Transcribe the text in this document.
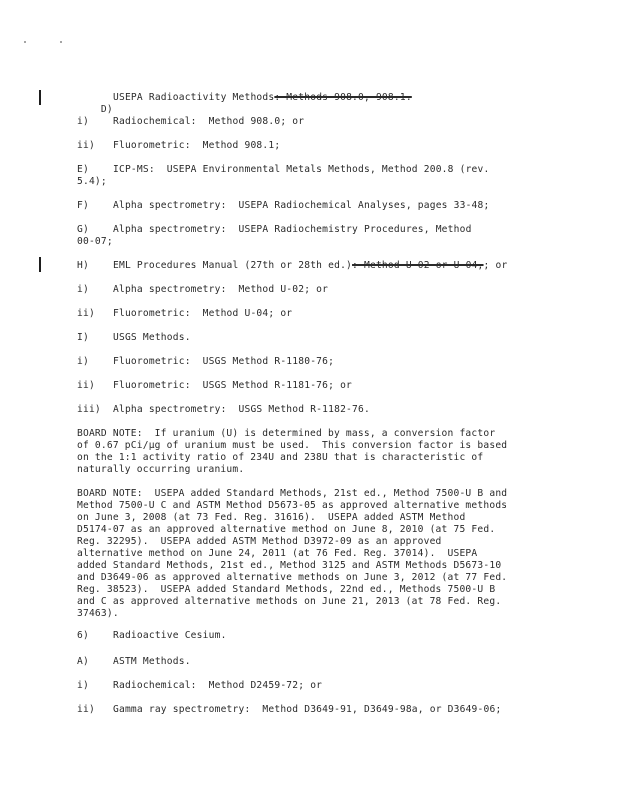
D)

USEPA Radioactivity Methods: Methods 908.0, 908.1.
i)	Radiochemical:  Method 908.0; or
ii) Fluorometric:  Method 908.1;
E)	ICP-MS:  USEPA Environmental Metals Methods, Method 200.8 (rev.
5.4);
F)	Alpha spectrometry:  USEPA Radiochemical Analyses, pages 33-48;
G)	Alpha spectrometry:  USEPA Radiochemistry Procedures, Method
00-07;
H)	EML Procedures Manual (27th or 28th ed.): Method U-02 or U-04,; or
i)	Alpha spectrometry:  Method U-02; or
ii) Fluorometric:  Method U-04; or
I)	USGS Methods.
i)	Fluorometric:  USGS Method R-1180-76;
ii) Fluorometric:  USGS Method R-1181-76; or
iii) Alpha spectrometry:  USGS Method R-1182-76.
BOARD NOTE:  If uranium (U) is determined by mass, a conversion factor
of 0.67 pCi/μg of uranium must be used.  This conversion factor is based
on the 1:1 activity ratio of 234U and 238U that is characteristic of
naturally occurring uranium.
BOARD NOTE:  USEPA added Standard Methods, 21st ed., Method 7500-U B and
Method 7500-U C and ASTM Method D5673-05 as approved alternative methods
on June 3, 2008 (at 73 Fed. Reg. 31616).  USEPA added ASTM Method
D5174-07 as an approved alternative method on June 8, 2010 (at 75 Fed.
Reg. 32295).  USEPA added ASTM Method D3972-09 as an approved
alternative method on June 24, 2011 (at 76 Fed. Reg. 37014).  USEPA
added Standard Methods, 21st ed., Method 3125 and ASTM Methods D5673-10
and D3649-06 as approved alternative methods on June 3, 2012 (at 77 Fed.
Reg. 38523).  USEPA added Standard Methods, 22nd ed., Methods 7500-U B
and C as approved alternative methods on June 21, 2013 (at 78 Fed. Reg.
37463).
6)	Radioactive Cesium.
A)	ASTM Methods.
i)	Radiochemical:  Method D2459-72; or
ii) Gamma ray spectrometry:  Method D3649-91, D3649-98a, or D3649-06;
